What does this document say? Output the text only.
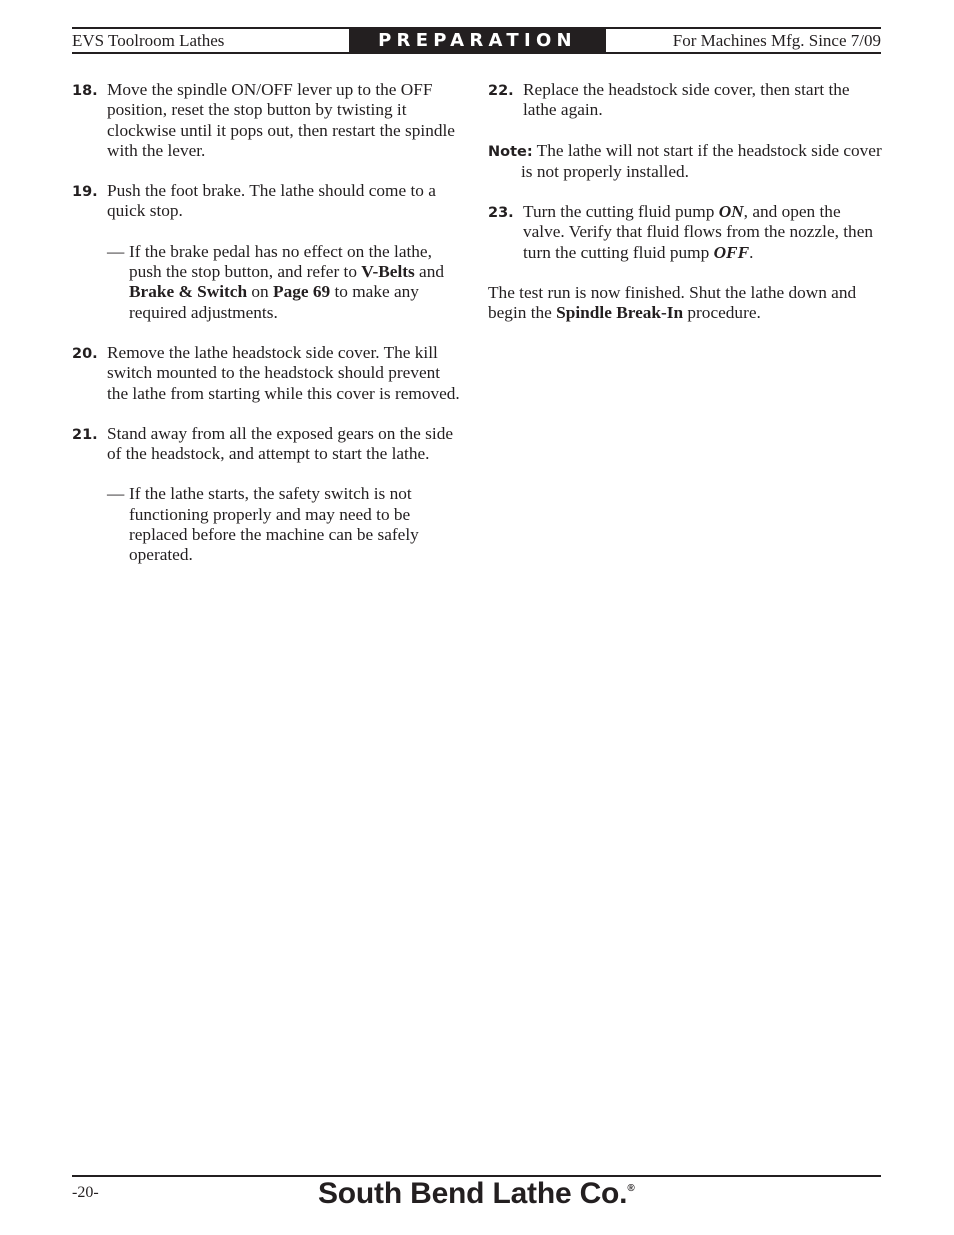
EVS Toolroom Lathes	PREPARATION	For Machines Mfg. Since 7/09
18. Move the spindle ON/OFF lever up to the OFF position, reset the stop button by twisting it clockwise until it pops out, then restart the spindle with the lever.
19. Push the foot brake. The lathe should come to a quick stop.
— If the brake pedal has no effect on the lathe, push the stop button, and refer to V-Belts and Brake & Switch on Page 69 to make any required adjustments.
20. Remove the lathe headstock side cover. The kill switch mounted to the headstock should prevent the lathe from starting while this cover is removed.
21. Stand away from all the exposed gears on the side of the headstock, and attempt to start the lathe.
— If the lathe starts, the safety switch is not functioning properly and may need to be replaced before the machine can be safely operated.
22. Replace the headstock side cover, then start the lathe again.
Note: The lathe will not start if the headstock side cover is not properly installed.
23. Turn the cutting fluid pump ON, and open the valve. Verify that fluid flows from the nozzle, then turn the cutting fluid pump OFF.
The test run is now finished. Shut the lathe down and begin the Spindle Break-In procedure.
-20-	South Bend Lathe Co.®
